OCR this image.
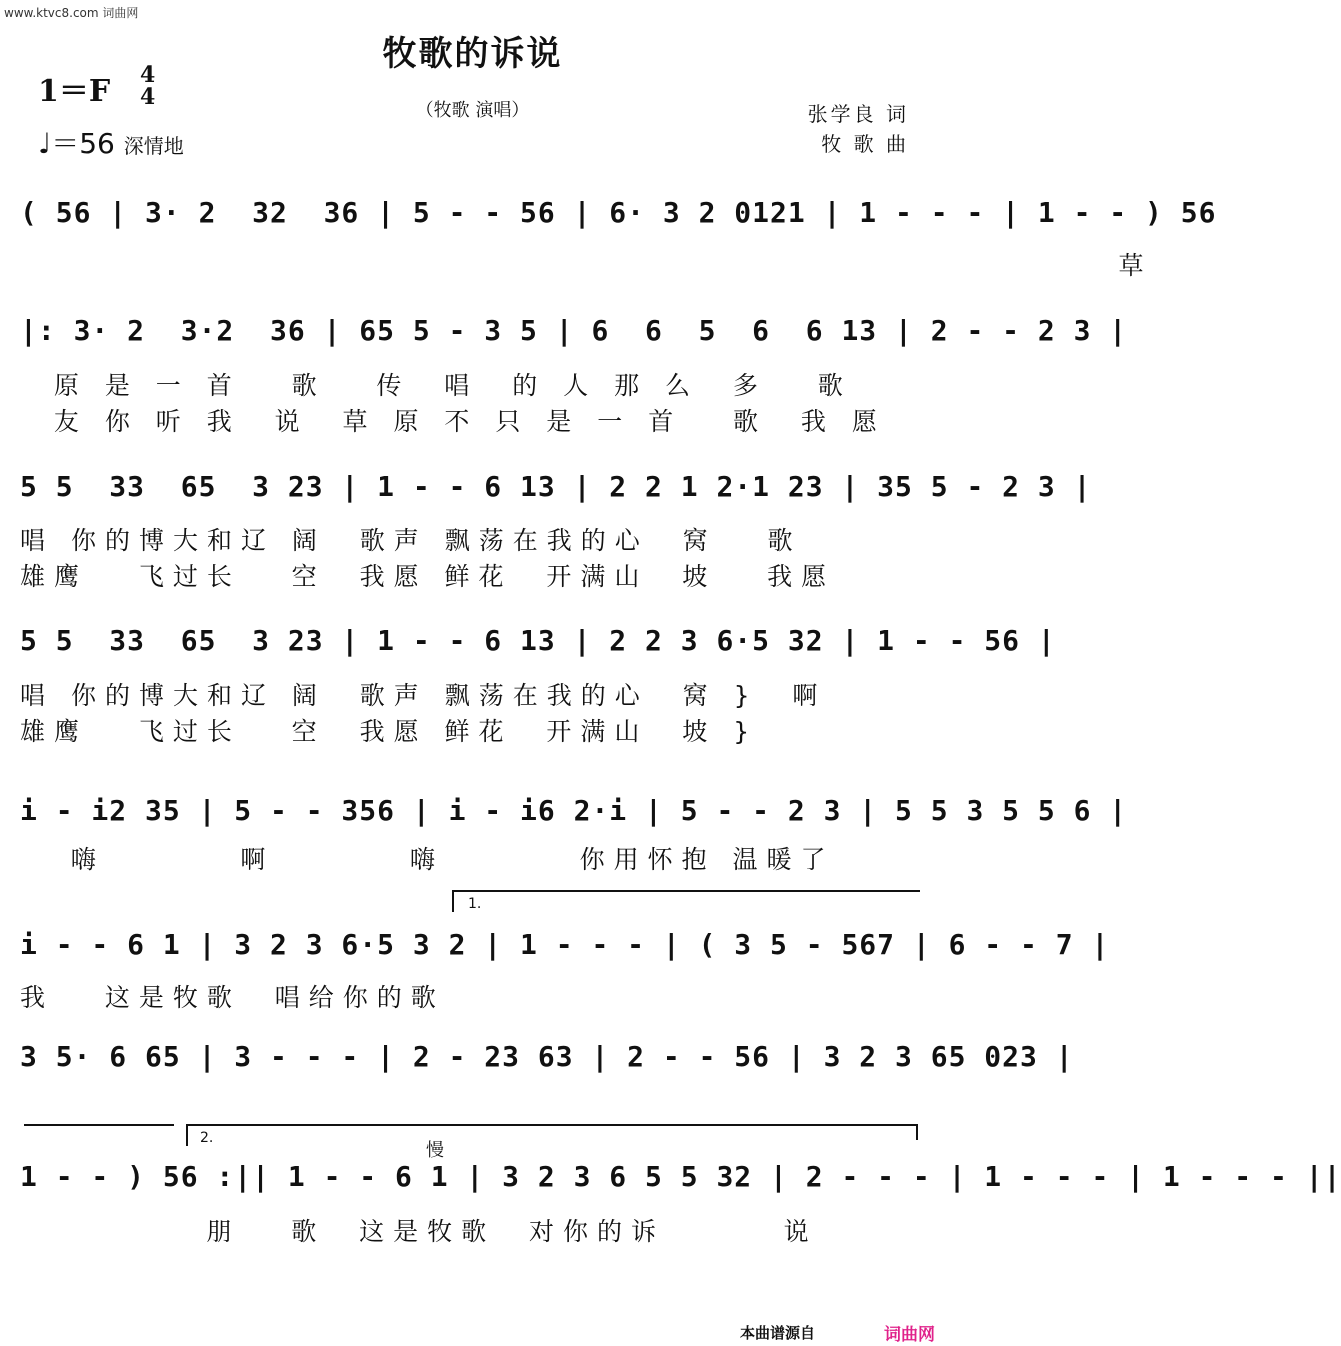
www.ktvc8.com 词曲网
牧歌的诉说
（牧歌 演唱）
1＝F 4
4
♩＝56 深情地
张学良 词
牧 歌 曲
( 56 | 3· 2  32  36 | 5 - - 56 | 6· 3 2 0121 | 1 - - - | 1 - - ) 56
草
|: 3· 2  3·2  36 | 65 5 - 3 5 | 6  6  5  6  6 13 | 2 - - 2 3 |
原 是 一 首   歌   传  唱  的 人 那 么  多   歌
友 你 听 我  说  草 原 不 只 是 一 首   歌  我 愿
5 5  33  65  3 23 | 1 - - 6 13 | 2 2 1 2·1 23 | 35 5 - 2 3 |
唱 你的博大和辽 阔  歌声 飘荡在我的心  窝   歌
雄鹰   飞过长   空  我愿 鲜花  开满山  坡   我愿
5 5  33  65  3 23 | 1 - - 6 13 | 2 2 3 6·5 32 | 1 - - 56 |
唱 你的博大和辽 阔  歌声 飘荡在我的心  窝 }  啊
雄鹰   飞过长   空  我愿 鲜花  开满山  坡 }
i - i2 35 | 5 - - 356 | i - i6 2·i | 5 - - 2 3 | 5 5 3 5 5 6 |
嗨        啊        嗨        你用怀抱 温暖了
1.
i - - 6 1 | 3 2 3 6·5 3 2 | 1 - - - | ( 3 5 - 567 | 6 - - 7 |
我   这是牧歌  唱给你的歌
3 5· 6 65 | 3 - - - | 2 - 23 63 | 2 - - 56 | 3 2 3 65 023 |
2.
慢
1 - - ) 56 :|| 1 - - 6 1 | 3 2 3 6 5 5 32 | 2 - - - | 1 - - - | 1 - - - ||
朋   歌  这是牧歌  对你的诉       说
本曲谱源自	词曲网
